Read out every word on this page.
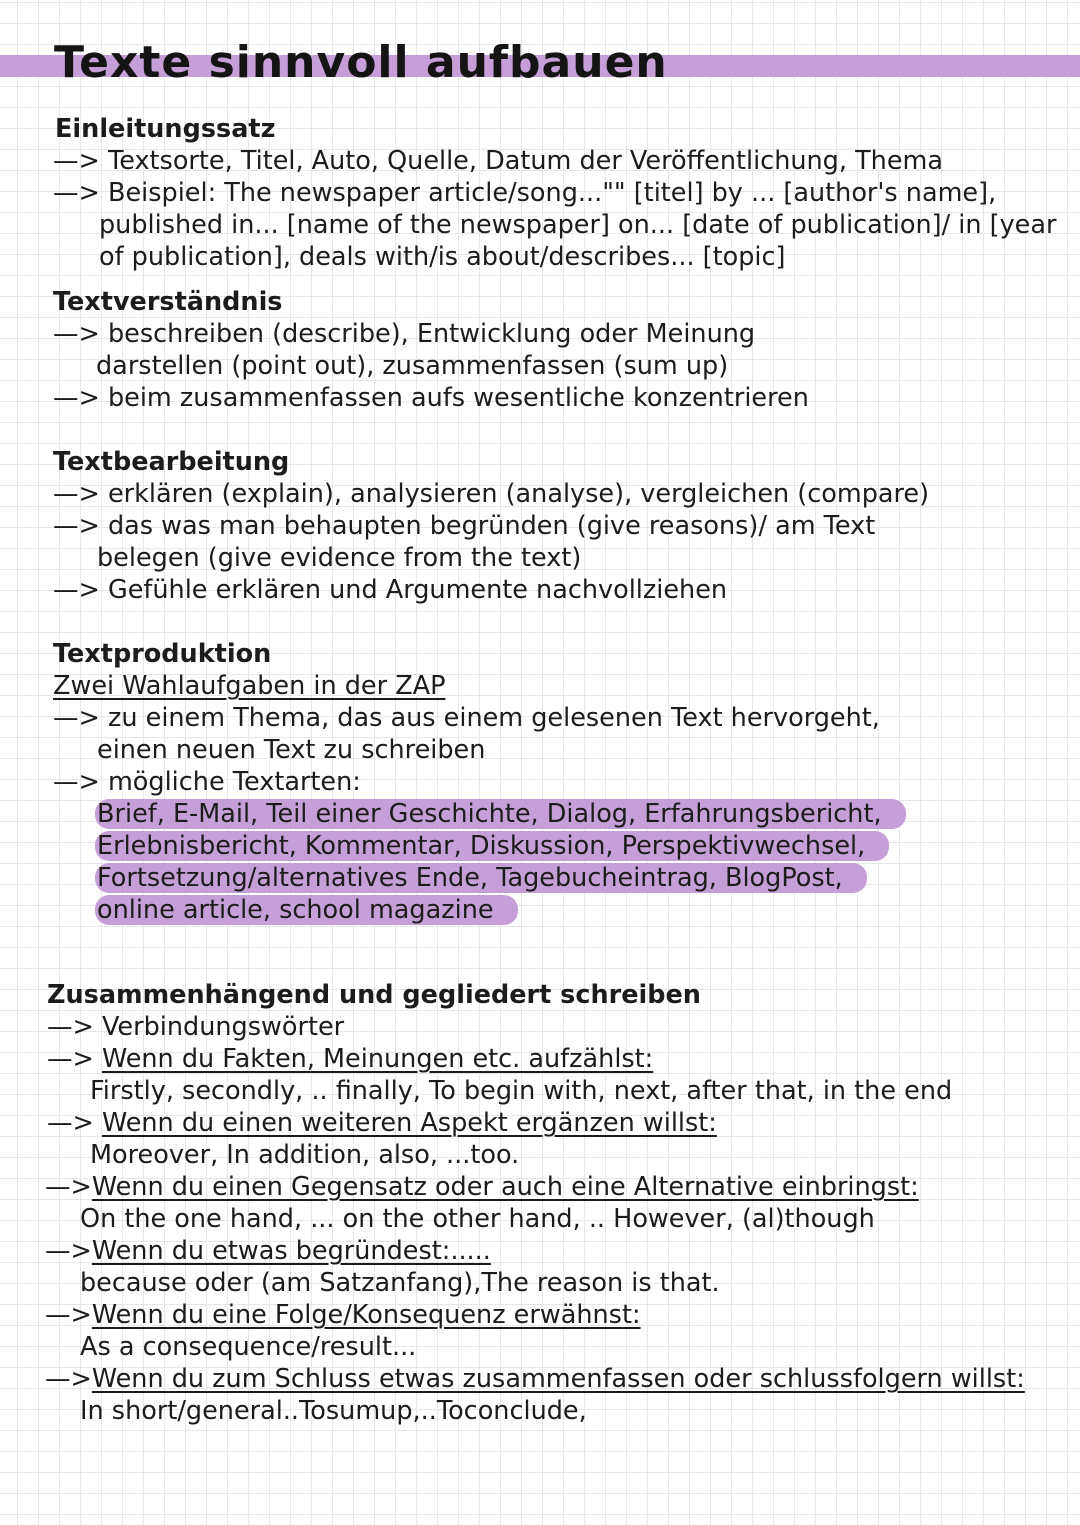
Texte sinnvoll aufbauen
Einleitungssatz
—> Textsorte, Titel, Auto, Quelle, Datum der Veröffentlichung, Thema
—> Beispiel: The newspaper article/song..."" [titel] by ... [author's name],
published in... [name of the newspaper] on... [date of publication]/ in [year
of publication], deals with/is about/describes... [topic]
Textverständnis
—> beschreiben (describe), Entwicklung oder Meinung
darstellen (point out), zusammenfassen (sum up)
—> beim zusammenfassen aufs wesentliche konzentrieren
Textbearbeitung
—> erklären (explain), analysieren (analyse), vergleichen (compare)
—> das was man behaupten begründen (give reasons)/ am Text
belegen (give evidence from the text)
—> Gefühle erklären und Argumente nachvollziehen
Textproduktion
Zwei Wahlaufgaben in der ZAP
—> zu einem Thema, das aus einem gelesenen Text hervorgeht,
einen neuen Text zu schreiben
—> mögliche Textarten:
Brief, E-Mail, Teil einer Geschichte, Dialog, Erfahrungsbericht,
Erlebnisbericht, Kommentar, Diskussion, Perspektivwechsel,
Fortsetzung/alternatives Ende, Tagebucheintrag, BlogPost,
online article, school magazine
Zusammenhängend und gegliedert schreiben
—> Verbindungswörter
—> Wenn du Fakten, Meinungen etc. aufzählst:
Firstly, secondly, .. finally, To begin with, next, after that, in the end
—> Wenn du einen weiteren Aspekt ergänzen willst:
Moreover, In addition, also, ...too.
—>Wenn du einen Gegensatz oder auch eine Alternative einbringst:
On the one hand, ... on the other hand, .. However, (al)though
—>Wenn du etwas begründest:.....
because oder (am Satzanfang),The reason is that.
—>Wenn du eine Folge/Konsequenz erwähnst:
As a consequence/result...
—>Wenn du zum Schluss etwas zusammenfassen oder schlussfolgern willst:
In short/general..Tosumup,..Toconclude,
